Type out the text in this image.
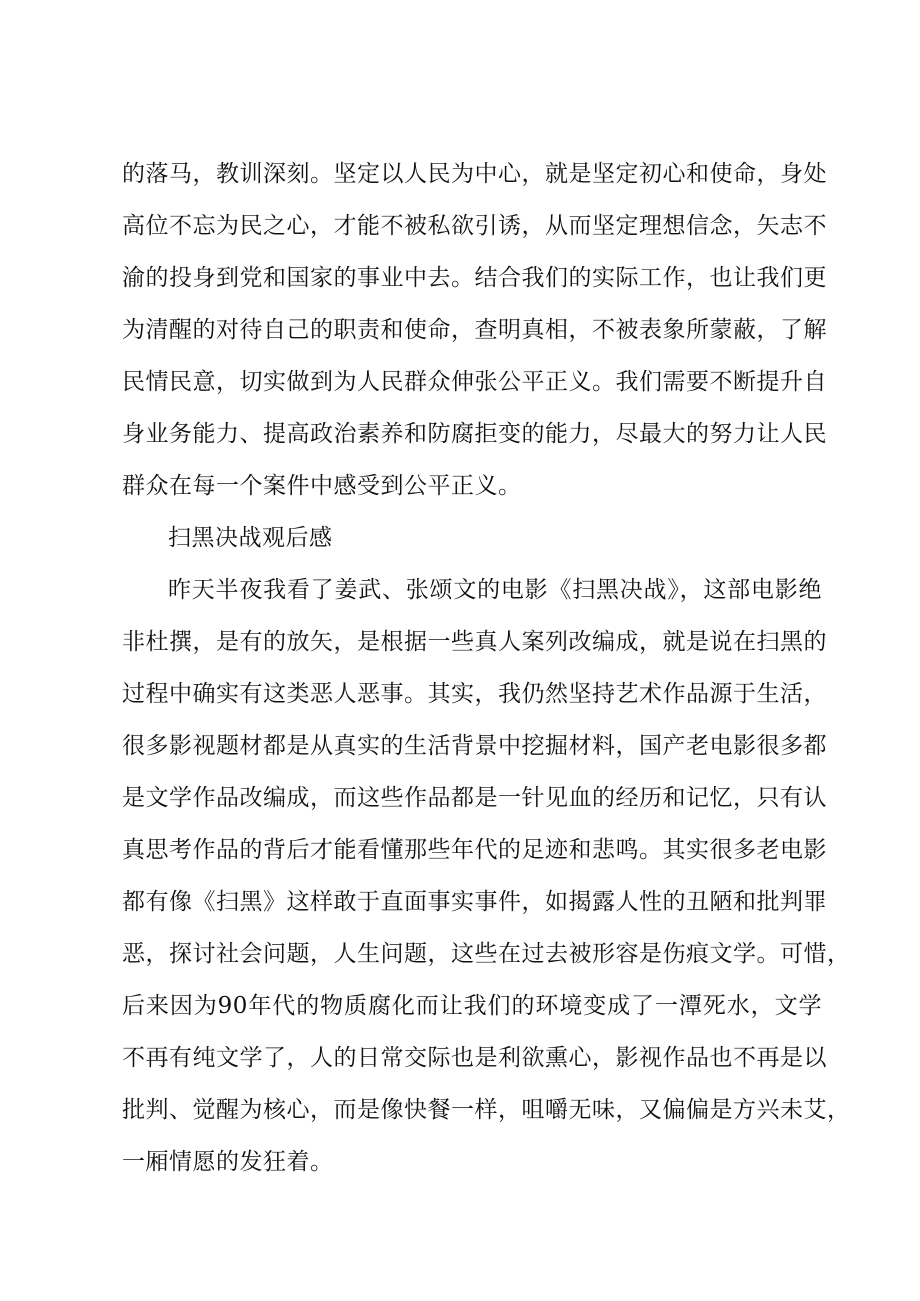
的落马，教训深刻。坚定以人民为中心，就是坚定初心和使命，身处
高位不忘为民之心，才能不被私欲引诱，从而坚定理想信念，矢志不
渝的投身到党和国家的事业中去。结合我们的实际工作，也让我们更
为清醒的对待自己的职责和使命，查明真相，不被表象所蒙蔽，了解
民情民意，切实做到为人民群众伸张公平正义。我们需要不断提升自
身业务能力、提高政治素养和防腐拒变的能力，尽最大的努力让人民
群众在每一个案件中感受到公平正义。
扫黑决战观后感
昨天半夜我看了姜武、张颂文的电影《扫黑决战》，这部电影绝
非杜撰，是有的放矢，是根据一些真人案列改编成，就是说在扫黑的
过程中确实有这类恶人恶事。其实，我仍然坚持艺术作品源于生活，
很多影视题材都是从真实的生活背景中挖掘材料，国产老电影很多都
是文学作品改编成，而这些作品都是一针见血的经历和记忆，只有认
真思考作品的背后才能看懂那些年代的足迹和悲鸣。其实很多老电影
都有像《扫黑》这样敢于直面事实事件，如揭露人性的丑陋和批判罪
恶，探讨社会问题，人生问题，这些在过去被形容是伤痕文学。可惜，
后来因为90年代的物质腐化而让我们的环境变成了一潭死水，文学
不再有纯文学了，人的日常交际也是利欲熏心，影视作品也不再是以
批判、觉醒为核心，而是像快餐一样，咀嚼无味，又偏偏是方兴未艾，
一厢情愿的发狂着。
